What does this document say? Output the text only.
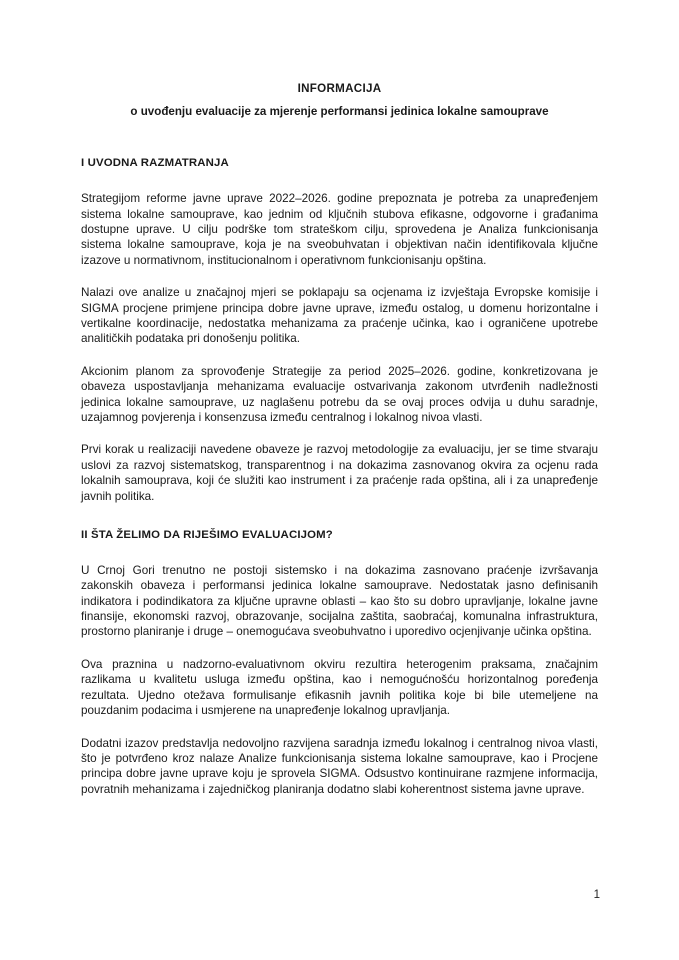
INFORMACIJA
o uvođenju evaluacije za mjerenje performansi jedinica lokalne samouprave
I UVODNA RAZMATRANJA

Strategijom reforme javne uprave 2022–2026. godine prepoznata je potreba za unapređenjem sistema lokalne samouprave, kao jednim od ključnih stubova efikasne, odgovorne i građanima dostupne uprave. U cilju podrške tom strateškom cilju, sprovedena je Analiza funkcionisanja sistema lokalne samouprave, koja je na sveobuhvatan i objektivan način identifikovala ključne izazove u normativnom, institucionalnom i operativnom funkcionisanju opština.

Nalazi ove analize u značajnoj mjeri se poklapaju sa ocjenama iz izvještaja Evropske komisije i SIGMA procjene primjene principa dobre javne uprave, između ostalog, u domenu horizontalne i vertikalne koordinacije, nedostatka mehanizama za praćenje učinka, kao i ograničene upotrebe analitičkih podataka pri donošenju politika.

Akcionim planom za sprovođenje Strategije za period 2025–2026. godine, konkretizovana je obaveza uspostavljanja mehanizama evaluacije ostvarivanja zakonom utvrđenih nadležnosti jedinica lokalne samouprave, uz naglašenu potrebu da se ovaj proces odvija u duhu saradnje, uzajamnog povjerenja i konsenzusa između centralnog i lokalnog nivoa vlasti.

Prvi korak u realizaciji navedene obaveze je razvoj metodologije za evaluaciju, jer se time stvaraju uslovi za razvoj sistematskog, transparentnog i na dokazima zasnovanog okvira za ocjenu rada lokalnih samouprava, koji će služiti kao instrument i za praćenje rada opština, ali i za unapređenje javnih politika.

II ŠTA ŽELIMO DA RIJEŠIMO EVALUACIJOM?

U Crnoj Gori trenutno ne postoji sistemsko i na dokazima zasnovano praćenje izvršavanja zakonskih obaveza i performansi jedinica lokalne samouprave. Nedostatak jasno definisanih indikatora i podindikatora za ključne upravne oblasti – kao što su dobro upravljanje, lokalne javne finansije, ekonomski razvoj, obrazovanje, socijalna zaštita, saobraćaj, komunalna infrastruktura, prostorno planiranje i druge – onemogućava sveobuhvatno i uporedivo ocjenjivanje učinka opština.

Ova praznina u nadzorno-evaluativnom okviru rezultira heterogenim praksama, značajnim razlikama u kvalitetu usluga između opština, kao i nemogućnošću horizontalnog poređenja rezultata. Ujedno otežava formulisanje efikasnih javnih politika koje bi bile utemeljene na pouzdanim podacima i usmjerene na unapređenje lokalnog upravljanja.

Dodatni izazov predstavlja nedovoljno razvijena saradnja između lokalnog i centralnog nivoa vlasti, što je potvrđeno kroz nalaze Analize funkcionisanja sistema lokalne samouprave, kao i Procjene principa dobre javne uprave koju je sprovela SIGMA. Odsustvo kontinuirane razmjene informacija, povratnih mehanizama i zajedničkog planiranja dodatno slabi koherentnost sistema javne uprave.

1
